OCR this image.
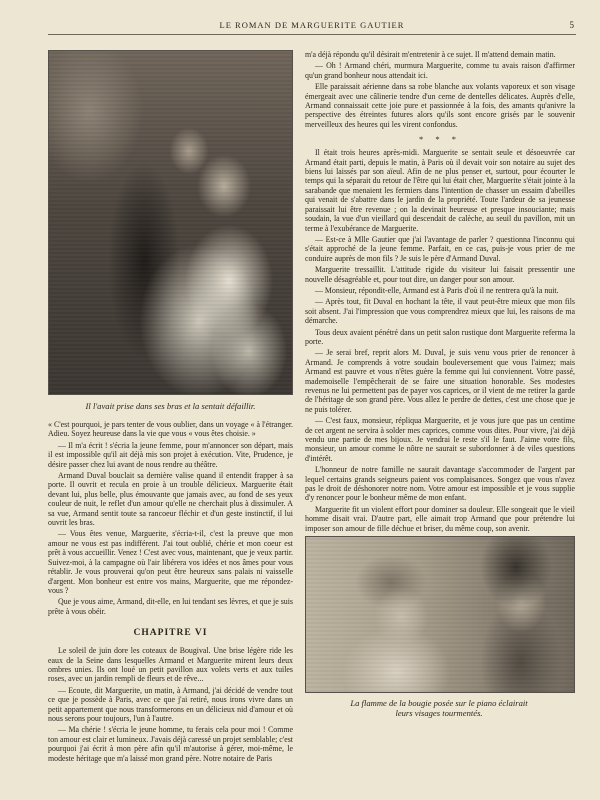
LE ROMAN DE MARGUERITE GAUTIER	5
Il l'avait prise dans ses bras et la sentait défaillir.

« C'est pourquoi, je pars tenter de vous oublier, dans un voyage « à l'étranger. Adieu. Soyez heureuse dans la vie que vous « vous êtes choisie. »

— Il m'a écrit ! s'écria la jeune femme, pour m'annoncer son départ, mais il est impossible qu'il ait déjà mis son projet à exécution. Vite, Prudence, je désire passer chez lui avant de nous rendre au théâtre.

Armand Duval bouclait sa dernière valise quand il entendit frapper à sa porte. Il ouvrit et recula en proie à un trouble délicieux. Marguerite était devant lui, plus belle, plus émouvante que jamais avec, au fond de ses yeux couleur de nuit, le reflet d'un amour qu'elle ne cherchait plus à dissimuler. A sa vue, Armand sentit toute sa rancoeur fléchir et d'un geste instinctif, il lui ouvrit les bras.

— Vous êtes venue, Marguerite, s'écria-t-il, c'est la preuve que mon amour ne vous est pas indifférent. J'ai tout oublié, chérie et mon coeur est prêt à vous accueillir. Venez ! C'est avec vous, maintenant, que je veux partir. Suivez-moi, à la campagne où l'air libérera vos idées et nos âmes pour vous rétablir. Je vous prouverai qu'on peut être heureux sans palais ni vaisselle d'argent. Mon bonheur est entre vos mains, Marguerite, que me répondez-vous ?

Que je vous aime, Armand, dit-elle, en lui tendant ses lèvres, et que je suis prête à vous obéir.

CHAPITRE VI

Le soleil de juin dore les coteaux de Bougival. Une brise légère ride les eaux de la Seine dans lesquelles Armand et Marguerite mirent leurs deux ombres unies. Ils ont loué un petit pavillon aux volets verts et aux tuiles roses, avec un jardin rempli de fleurs et de rêve...

— Ecoute, dit Marguerite, un matin, à Armand, j'ai décidé de vendre tout ce que je possède à Paris, avec ce que j'ai retiré, nous irons vivre dans un petit appartement que nous transformerons en un délicieux nid d'amour et où nous serons pour toujours, l'un à l'autre.

— Ma chérie ! s'écria le jeune homme, tu ferais cela pour moi ! Comme ton amour est clair et lumineux. J'avais déjà caressé un projet semblable; c'est pourquoi j'ai écrit à mon père afin qu'il m'autorise à gérer, moi-même, le modeste héritage que m'a laissé mon grand père. Notre notaire de Paris

m'a déjà répondu qu'il désirait m'entretenir à ce sujet. Il m'attend demain matin.

— Oh ! Armand chéri, murmura Marguerite, comme tu avais raison d'affirmer qu'un grand bonheur nous attendait ici.

Elle paraissait aérienne dans sa robe blanche aux volants vaporeux et son visage émergeait avec une câlinerie tendre d'un cerne de dentelles délicates. Auprès d'elle, Armand connaissait cette joie pure et passionnée à la fois, des amants qu'anivre la perspective des étreintes futures alors qu'ils sont encore grisés par le souvenir merveilleux des heures qui les virent confondus.

* * *

Il était trois heures après-midi. Marguerite se sentait seule et désoeuvrée car Armand était parti, depuis le matin, à Paris où il devait voir son notaire au sujet des biens lui laissés par son aïeul. Afin de ne plus penser et, surtout, pour écourter le temps qui la séparait du retour de l'être qui lui était cher, Marguerite s'était jointe à la sarabande que menaient les fermiers dans l'intention de chasser un essaim d'abeilles qui venait de s'abattre dans le jardin de la propriété. Toute l'ardeur de sa jeunesse paraissait lui être revenue ; on la devinait heureuse et presque insouciante; mais soudain, la vue d'un vieillard qui descendait de calèche, au seuil du pavillon, mit un terme à l'exubérance de Marguerite.

— Est-ce à Mlle Gautier que j'ai l'avantage de parler ? questionna l'inconnu qui s'était approché de la jeune femme. Parfait, en ce cas, puis-je vous prier de me conduire auprès de mon fils ? Je suis le père d'Armand Duval.

Marguerite tressaillit. L'attitude rigide du visiteur lui faisait pressentir une nouvelle désagréable et, pour tout dire, un danger pour son amour.

— Monsieur, répondit-elle, Armand est à Paris d'où il ne rentrera qu'à la nuit.

— Après tout, fit Duval en hochant la tête, il vaut peut-être mieux que mon fils soit absent. J'ai l'impression que vous comprendrez mieux que lui, les raisons de ma démarche.

Tous deux avaient pénétré dans un petit salon rustique dont Marguerite referma la porte.

— Je serai bref, reprit alors M. Duval, je suis venu vous prier de renoncer à Armand. Je comprends à votre soudain bouleversement que vous l'aimez; mais Armand est pauvre et vous n'êtes guère la femme qui lui conviennent. Votre passé, mademoiselle l'empêcherait de se faire une situation honorable. Ses modestes revenus ne lui permettent pas de payer vos caprices, or il vient de me retirer la garde de l'héritage de son grand père. Vous allez le perdre de dettes, c'est une chose que je ne puis tolérer.

— C'est faux, monsieur, répliqua Marguerite, et je vous jure que pas un centime de cet argent ne servira à solder mes caprices, comme vous dites. Pour vivre, j'ai déjà vendu une partie de mes bijoux. Je vendrai le reste s'il le faut. J'aime votre fils, monsieur, un amour comme le nôtre ne saurait se subordonner à de viles questions d'intérêt.

L'honneur de notre famille ne saurait davantage s'accommoder de l'argent par lequel certains grands seigneurs paient vos complaisances. Songez que vous n'avez pas le droit de déshonorer notre nom. Votre amour est impossible et je vous supplie d'y renoncer pour le bonheur même de mon enfant.

Marguerite fit un violent effort pour dominer sa douleur. Elle songeait que le vieil homme disait vrai. D'autre part, elle aimait trop Armand que pour prétendre lui imposer son amour de fille déchue et briser, du même coup, son avenir.

La flamme de la bougie posée sur le piano éclairait
leurs visages tourmentés.
